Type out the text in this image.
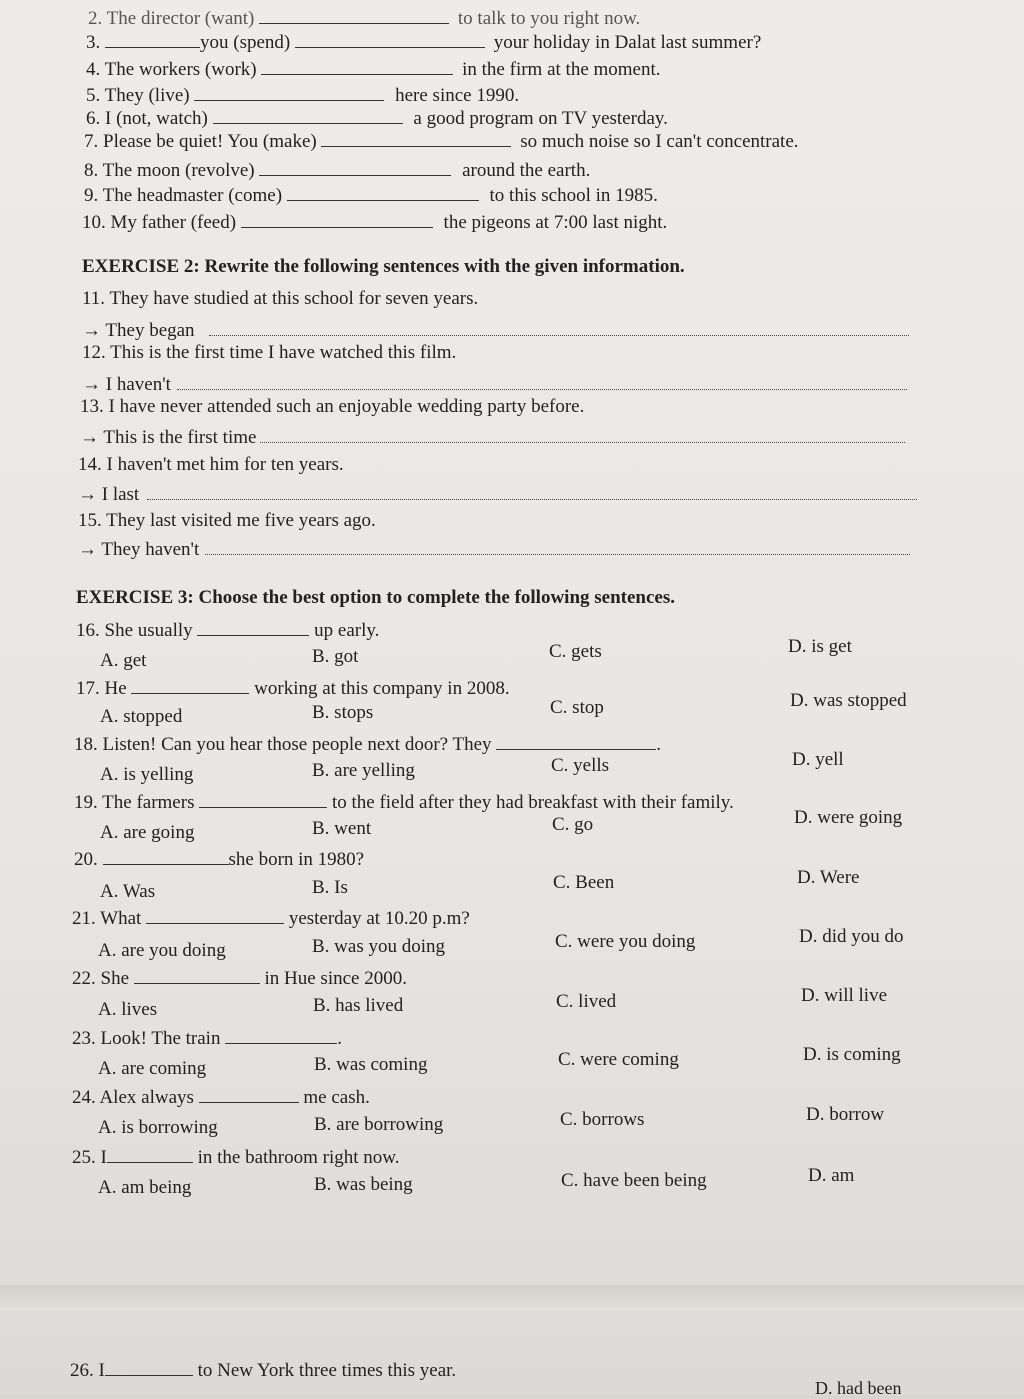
2. The director (want)	to talk to you right now.
3.	you (spend)	your holiday in Dalat last summer?
4. The workers (work)	in the firm at the moment.
5. They (live)	here since 1990.
6. I (not, watch)	a good program on TV yesterday.
7. Please be quiet! You (make)	so much noise so I can't concentrate.
8. The moon (revolve)	around the earth.
9. The headmaster (come)	to this school in 1985.
10. My father (feed)	the pigeons at 7:00 last night.
EXERCISE 2: Rewrite the following sentences with the given information.
11. They have studied at this school for seven years.
→ They began
12. This is the first time I have watched this film.
→ I haven't
13. I have never attended such an enjoyable wedding party before.
→ This is the first time
14. I haven't met him for ten years.
→ I last
15. They last visited me five years ago.
→ They haven't
EXERCISE 3: Choose the best option to complete the following sentences.
16. She usually	up early.
A. get	B. got	C. gets	D. is get
17. He	working at this company in 2008.
A. stopped	B. stops	C. stop	D. was stopped
18. Listen! Can you hear those people next door? They	.
A. is yelling	B. are yelling	C. yells	D. yell
19. The farmers	to the field after they had breakfast with their family.
A. are going	B. went	C. go	D. were going
20.	she born in 1980?
A. Was	B. Is	C. Been	D. Were
21. What	yesterday at 10.20 p.m?
A. are you doing	B. was you doing	C. were you doing	D. did you do
22. She	in Hue since 2000.
A. lives	B. has lived	C. lived	D. will live
23. Look! The train	.
A. are coming	B. was coming	C. were coming	D. is coming
24. Alex always	me cash.
A. is borrowing	B. are borrowing	C. borrows	D. borrow
25. I	in the bathroom right now.
A. am being	B. was being	C. have been being	D. am
26. I	to New York three times this year.
D. had been
